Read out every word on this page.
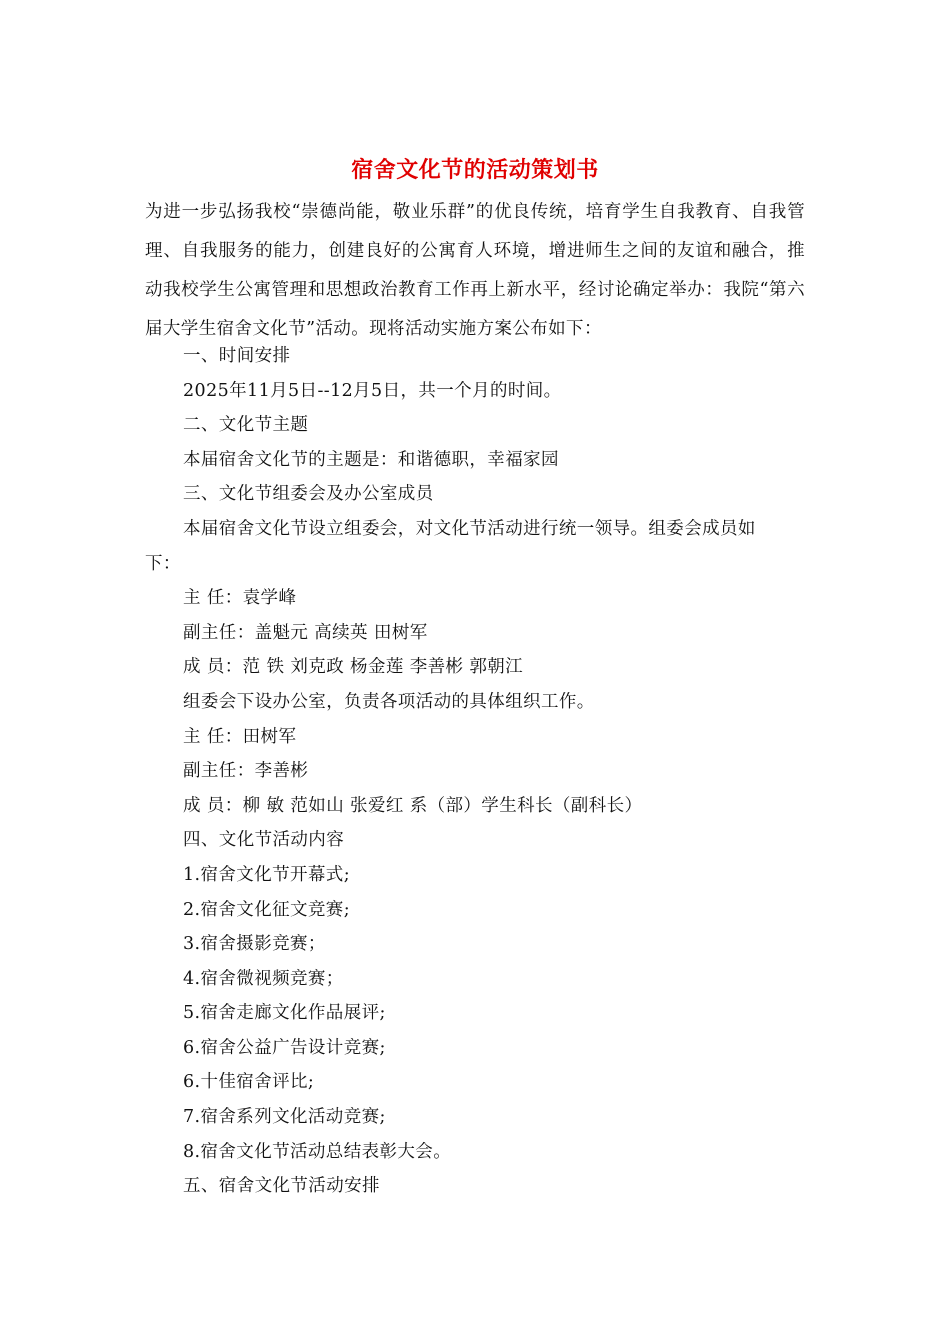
宿舍文化节的活动策划书

为进一步弘扬我校“崇德尚能，敬业乐群”的优良传统，培育学生自我教育、自我管理、自我服务的能力，创建良好的公寓育人环境，增进师生之间的友谊和融合，推动我校学生公寓管理和思想政治教育工作再上新水平，经讨论确定举办：我院“第六届大学生宿舍文化节”活动。现将活动实施方案公布如下：

一、时间安排

2025年11月5日--12月5日，共一个月的时间。

二、文化节主题

本届宿舍文化节的主题是：和谐德职，幸福家园

三、文化节组委会及办公室成员

本届宿舍文化节设立组委会，对文化节活动进行统一领导。组委会成员如

下：

主 任：袁学峰

副主任：盖魁元 高续英 田树军

成 员：范 铁 刘克政 杨金莲 李善彬 郭朝江

组委会下设办公室，负责各项活动的具体组织工作。

主 任：田树军

副主任：李善彬

成 员：柳 敏 范如山 张爱红 系（部）学生科长（副科长）

四、文化节活动内容

1.宿舍文化节开幕式;

2.宿舍文化征文竞赛;

3.宿舍摄影竞赛；

4.宿舍微视频竞赛；

5.宿舍走廊文化作品展评;

6.宿舍公益广告设计竞赛;

6.十佳宿舍评比;

7.宿舍系列文化活动竞赛;

8.宿舍文化节活动总结表彰大会。

五、宿舍文化节活动安排
